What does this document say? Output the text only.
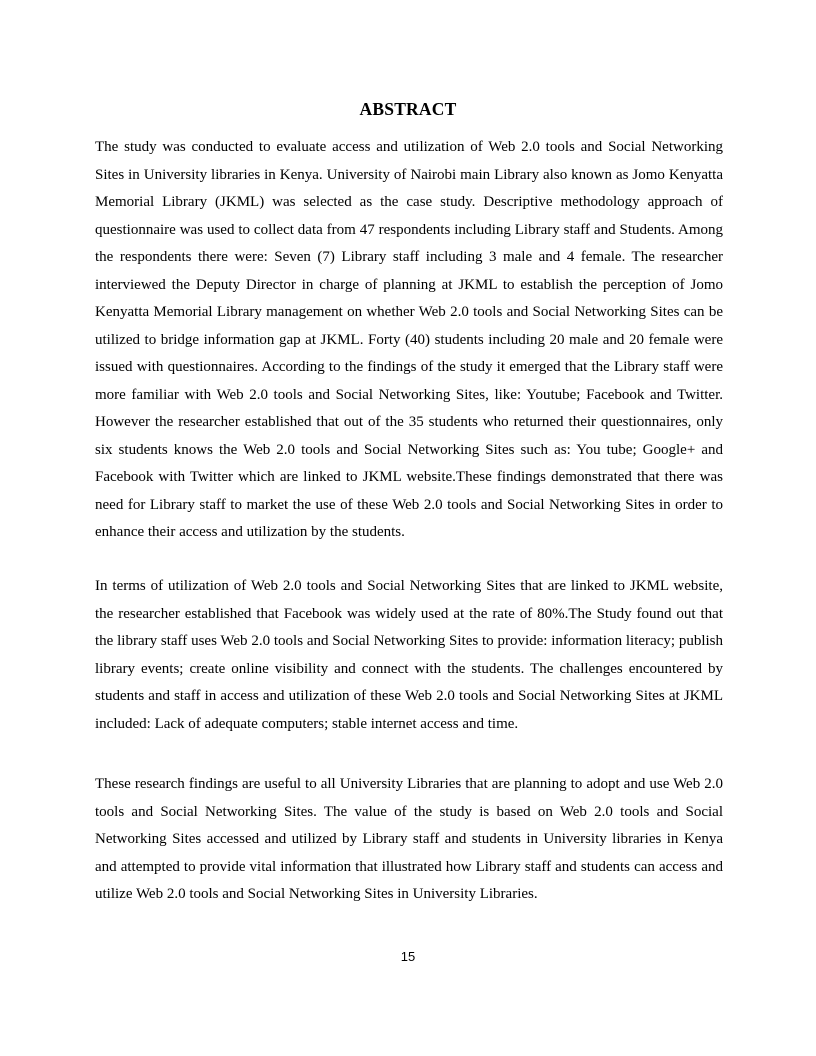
ABSTRACT

The study was conducted to evaluate access and utilization of Web 2.0 tools and Social Networking Sites in University libraries in Kenya. University of Nairobi main Library also known as Jomo Kenyatta Memorial Library (JKML) was selected as the case study. Descriptive methodology approach of questionnaire was used to collect data from 47 respondents including Library staff and Students. Among the respondents there were: Seven (7) Library staff including 3 male and 4 female. The researcher interviewed the Deputy Director in charge of planning at JKML to establish the perception of Jomo Kenyatta Memorial Library management on whether Web 2.0 tools and Social Networking Sites can be utilized to bridge information gap at JKML. Forty (40) students including 20 male and 20 female were issued with questionnaires. According to the findings of the study it emerged that the Library staff were more familiar with Web 2.0 tools and Social Networking Sites, like: Youtube; Facebook and Twitter. However the researcher established that out of the 35 students who returned their questionnaires, only six students knows the Web 2.0 tools and Social Networking Sites such as: You tube; Google+ and Facebook with Twitter which are linked to JKML website.These findings demonstrated that there was need for Library staff to market the use of these Web 2.0 tools and Social Networking Sites in order to enhance their access and utilization by the students.

In terms of utilization of Web 2.0 tools and Social Networking Sites that are linked to JKML website, the researcher established that Facebook was widely used at the rate of 80%.The Study found out that the library staff uses Web 2.0 tools and Social Networking Sites to provide: information literacy; publish library events; create online visibility and connect with the students. The challenges encountered by students and staff in access and utilization of these Web 2.0 tools and Social Networking Sites at JKML included: Lack of adequate computers; stable internet access and time.

These research findings are useful to all University Libraries that are planning to adopt and use Web 2.0 tools and Social Networking Sites. The value of the study is based on Web 2.0 tools and Social Networking Sites accessed and utilized by Library staff and students in University libraries in Kenya and attempted to provide vital information that illustrated how Library staff and students can access and utilize Web 2.0 tools and Social Networking Sites in University Libraries.

15
